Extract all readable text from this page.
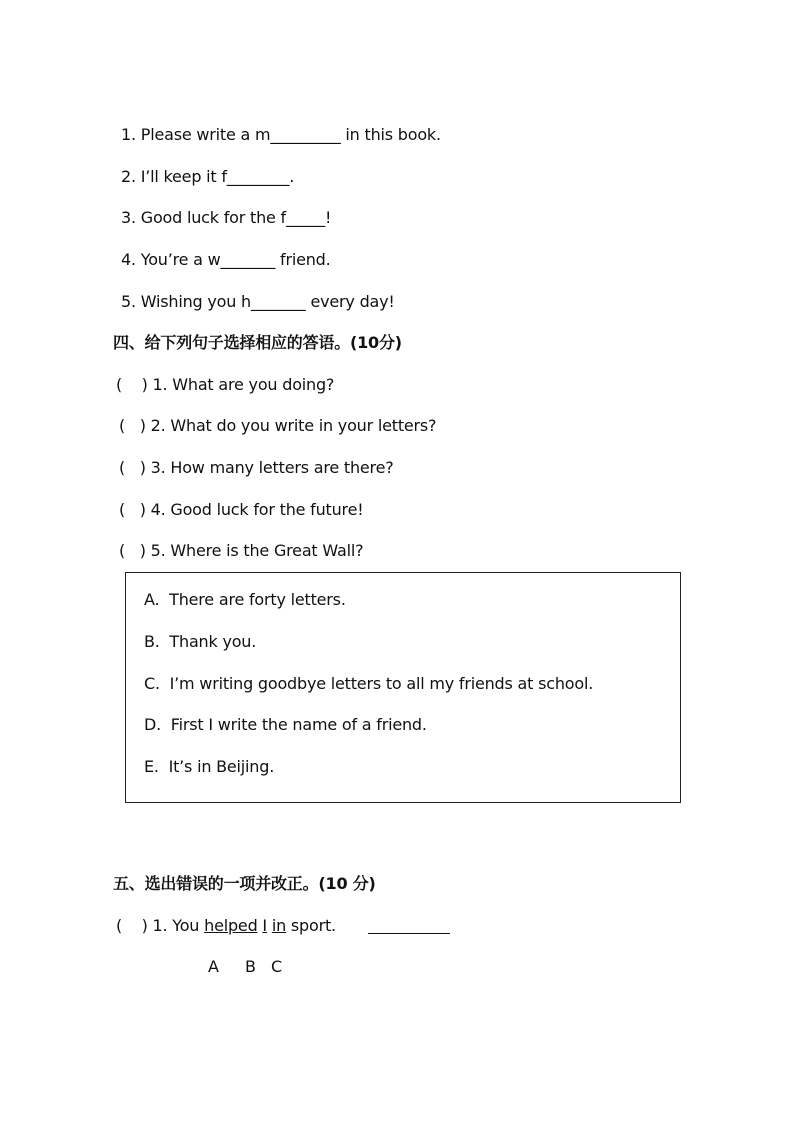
1. Please write a m_________ in this book.
2. I’ll keep it f________.
3. Good luck for the f_____!
4. You’re a w_______ friend.
5. Wishing you h_______ every day!
四、给下列句子选择相应的答语。(10分)
(    ) 1. What are you doing?
(   ) 2. What do you write in your letters?
(   ) 3. How many letters are there?
(   ) 4. Good luck for the future!
(   ) 5. Where is the Great Wall?
A.  There are forty letters.
B.  Thank you.
C.  I’m writing goodbye letters to all my friends at school.
D.  First I write the name of a friend.
E.  It’s in Beijing.
五、选出错误的一项并改正。(10 分)
(    ) 1. You helped I in sport.
A B C
